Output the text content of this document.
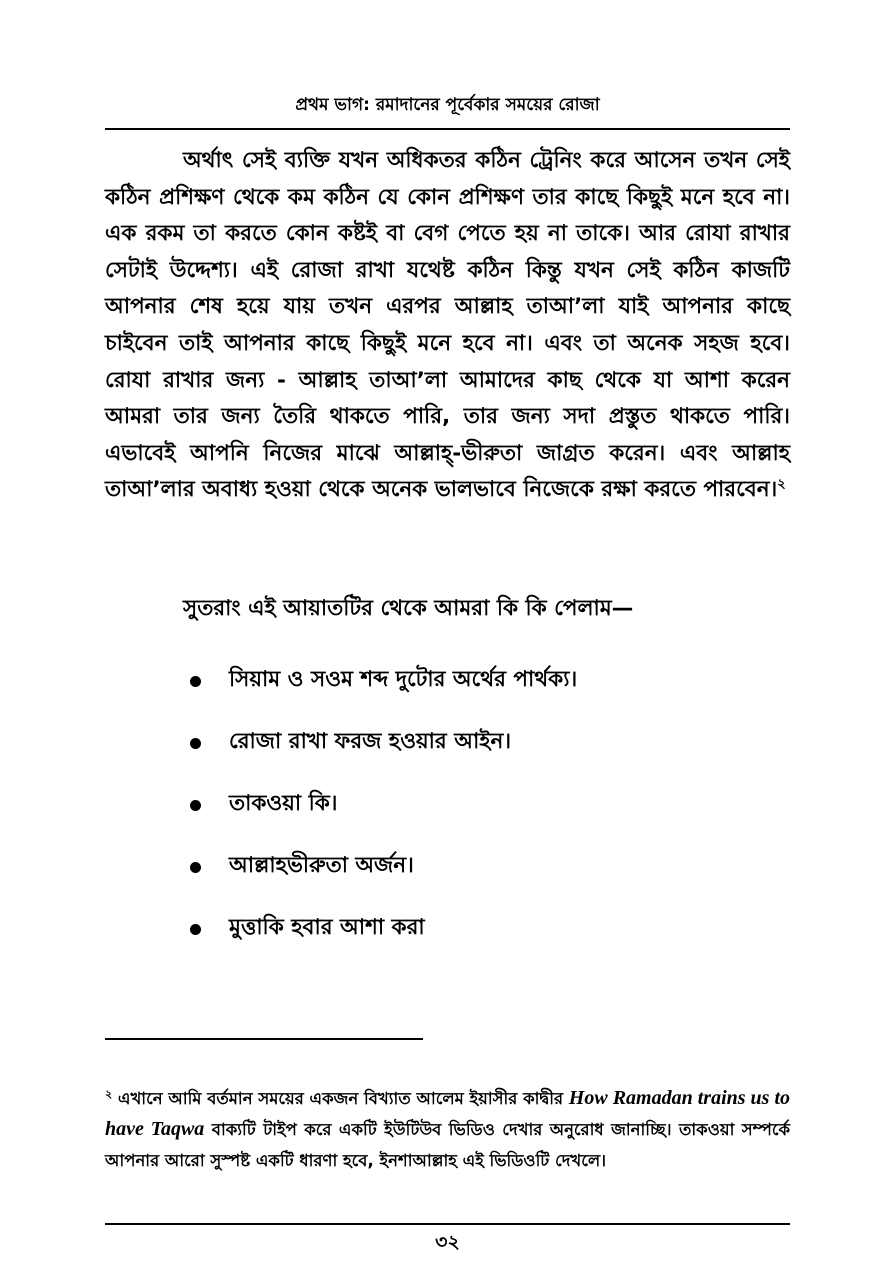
প্রথম ভাগ: রমাদানের পূর্বেকার সময়ের রোজা

অর্থাৎ সেই ব্যক্তি যখন অধিকতর কঠিন ট্রেনিং করে আসেন তখন সেই কঠিন প্রশিক্ষণ থেকে কম কঠিন যে কোন প্রশিক্ষণ তার কাছে কিছুই মনে হবে না। এক রকম তা করতে কোন কষ্টই বা বেগ পেতে হয় না তাকে। আর রোযা রাখার সেটাই উদ্দেশ্য। এই রোজা রাখা যথেষ্ট কঠিন কিন্তু যখন সেই কঠিন কাজটি আপনার শেষ হয়ে যায় তখন এরপর আল্লাহ তাআ’লা যাই আপনার কাছে চাইবেন তাই আপনার কাছে কিছুই মনে হবে না। এবং তা অনেক সহজ হবে। রোযা রাখার জন্য - আল্লাহ তাআ’লা আমাদের কাছ থেকে যা আশা করেন আমরা তার জন্য তৈরি থাকতে পারি, তার জন্য সদা প্রস্তুত থাকতে পারি। এভাবেই আপনি নিজের মাঝে আল্লাহ্-ভীরুতা জাগ্রত করেন। এবং আল্লাহ তাআ’লার অবাধ্য হওয়া থেকে অনেক ভালভাবে নিজেকে রক্ষা করতে পারবেন।$^২$

সুতরাং এই আয়াতটির থেকে আমরা কি কি পেলাম—

সিয়াম ও সওম শব্দ দুটোর অর্থের পার্থক্য।
রোজা রাখা ফরজ হওয়ার আইন।
তাকওয়া কি।
আল্লাহভীরুতা অর্জন।
মুত্তাকি হবার আশা করা

$^২$ এখানে আমি বর্তমান সময়ের একজন বিখ্যাত আলেম ইয়াসীর কাদ্বীর How Ramadan trains us to have Taqwa বাক্যটি টাইপ করে একটি ইউটিউব ভিডিও দেখার অনুরোধ জানাচ্ছি। তাকওয়া সম্পর্কে আপনার আরো সুস্পষ্ট একটি ধারণা হবে, ইনশাআল্লাহ এই ভিডিওটি দেখলে।

৩২
